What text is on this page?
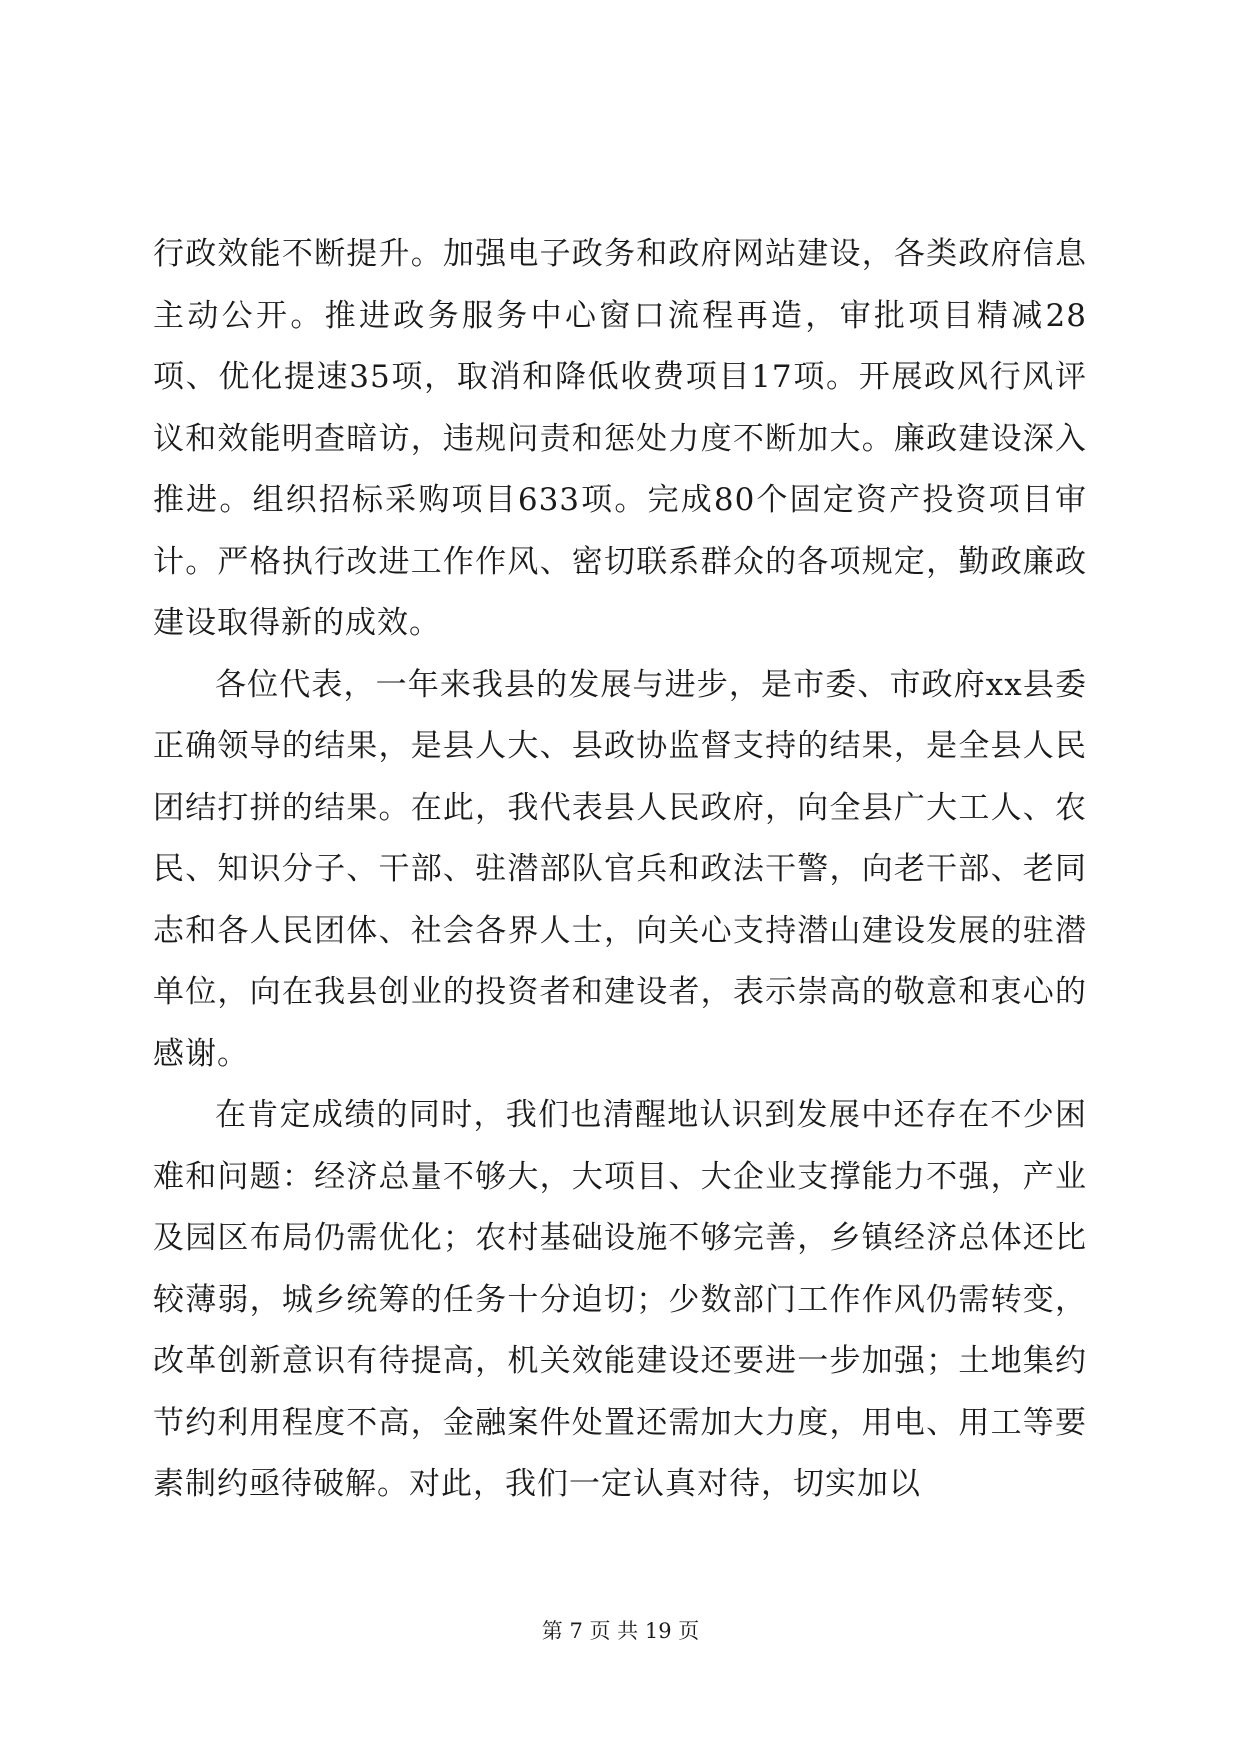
行政效能不断提升。加强电子政务和政府网站建设，各类政府信息主动公开。推进政务服务中心窗口流程再造，审批项目精减28项、优化提速35项，取消和降低收费项目17项。开展政风行风评议和效能明查暗访，违规问责和惩处力度不断加大。廉政建设深入推进。组织招标采购项目633项。完成80个固定资产投资项目审计。严格执行改进工作作风、密切联系群众的各项规定，勤政廉政建设取得新的成效。

各位代表，一年来我县的发展与进步，是市委、市政府xx县委正确领导的结果，是县人大、县政协监督支持的结果，是全县人民团结打拼的结果。在此，我代表县人民政府，向全县广大工人、农民、知识分子、干部、驻潜部队官兵和政法干警，向老干部、老同志和各人民团体、社会各界人士，向关心支持潜山建设发展的驻潜单位，向在我县创业的投资者和建设者，表示崇高的敬意和衷心的感谢。

在肯定成绩的同时，我们也清醒地认识到发展中还存在不少困难和问题：经济总量不够大，大项目、大企业支撑能力不强，产业及园区布局仍需优化；农村基础设施不够完善，乡镇经济总体还比较薄弱，城乡统筹的任务十分迫切；少数部门工作作风仍需转变，改革创新意识有待提高，机关效能建设还要进一步加强；土地集约节约利用程度不高，金融案件处置还需加大力度，用电、用工等要素制约亟待破解。对此，我们一定认真对待，切实加以

第 7 页 共 19 页
